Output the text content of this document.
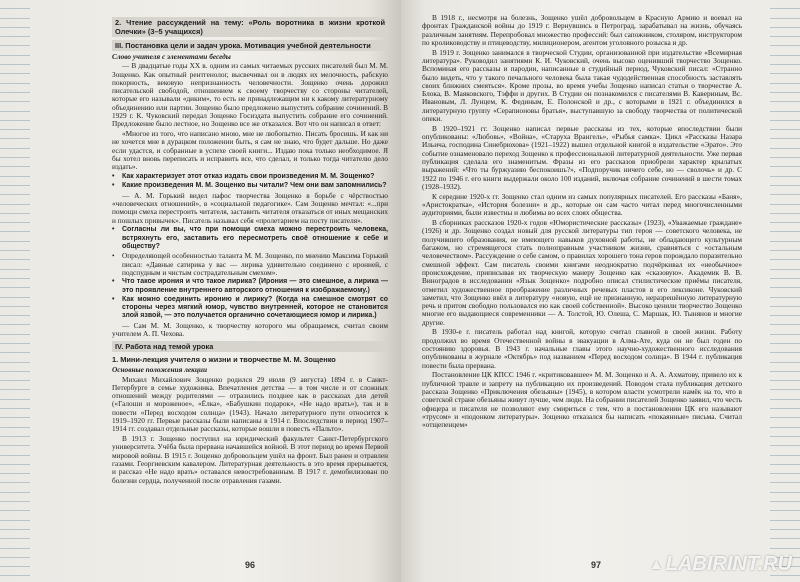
2. Чтение рассуждений на тему: «Роль воротника в жизни кроткой Олечки» (3–5 учащихся)
III. Постановка цели и задач урока. Мотивация учебной деятельности
Слово учителя с элементами беседы

— В двадцатые годы XX в. одним из самых читаемых русских писателей был М. М. Зощенко. Как опытный рентгенолог, высвечивал он в людях их мелочность, рабскую покорность, вековую непризнанность человечности. Зощенко очень дорожил писательской свободой, отношением к своему творчеству со стороны читателей, которые его называли «диким», то есть не принадлежащим ни к какому литературному объединению или партии. Зощенко было предложено выпустить собрание сочинений. В 1929 г. К. Чуковский передал Зощенко Госиздата выпустить собрание его сочинений. Предложение было лестное, но Зощенко все же отказался. Вот что он написал в ответ:

«Многое из того, что написано мною, мне не любопытно. Писать бросишь. И как ни не хочется мне в дурацком положении быть, я сам не знаю, что будет дальше. Но даже если удастся, и собранные в успехе своей книги... Издаю пока только необходимое. Я бы хотел вновь переписать и исправить все, что сделал, и только тогда читателю дело издать».

• Как характеризует этот отказ издать свои произведения М. М. Зощенко?
• Какие произведения М. М. Зощенко вы читали? Чем они вам запомнились?

— А. М. Горький видел пафос творчества Зощенко в борьбе с чёрствостью «человеческих отношений», в «социальной педагогике». Сам Зощенко мечтал: «...при помощи смеха перестроить читателя, заставить читателя отказаться от иных мещанских и пошлых привычек». Писатель называл себя «пролетарием на посту писателя».

• Согласны ли вы, что при помощи смеха можно перестроить человека, встряхнуть его, заставить его пересмотреть своё отношение к себе и обществу?
• Определяющей особенностью таланта М. М. Зощенко, по мнению Максима Горький писал: «Давные сатирика у вас — лирика удивительно соединено с иронией, с подспудным и чистым сострадательным смехом».
• Что такое ирония и что такое лирика? (Ирония — это смешное, а лирика — это проявление внутреннего авторского отношения к изображаемому.)
• Как можно соединить иронию и лирику? (Когда на смешное смотрят со стороны через мягкий юмор, чувство внутренней, которое не становится злой язвой, — это получается органично сочетающиеся юмор и лирика.)

— Сам М. М. Зощенко, к творчеству которого мы обращаемся, считал своим учителем А. П. Чехова.

IV. Работа над темой урока
1. Мини-лекция учителя о жизни и творчестве М. М. Зощенко
Основные положения лекции

Михаил Михайлович Зощенко родился 29 июля (9 августа) 1894 г. в Санкт-Петербурге в семье художника. Впечатления детства — в том числе и от сложных отношений между родителями — отразились позднее как в рассказах для детей («Галоши и мороженое», «Ёлка», «Бабушкин подарок», «Не надо врать»), так и в повести «Перед восходом солнца» (1943). Начало литературного пути относится к 1919–1920 гг. Первые рассказы были написаны в 1914 г. Впоследствии в период 1907–1914 гг. создавал отдельные рассказы, которые вошли в повесть «Пальто».

В 1913 г. Зощенко поступил на юридический факультет Санкт-Петербургского университета. Учёба была прервана начавшейся войной. В этот период во время Первой мировой войны. В 1915 г. Зощенко добровольцем ушёл на фронт. Был ранен и отравлен газами. Георгиевским кавалером. Литературная деятельность в это время прерывается, и рассказ «Не надо врать» оставался невостребованным. В 1917 г. демобилизован по болезни сердца, полученной после отравления газами.

96

В 1918 г., несмотря на болезнь, Зощенко ушёл добровольцем в Красную Армию и воевал на фронтах Гражданской войны до 1919 г. Вернувшись в Петроград, зарабатывал на жизнь, обучаясь различным занятиям. Перепробовал множество профессий: был сапожником, столяром, инструктором по кролиководству и птицеводству, милиционером, агентом уголовного розыска и др.

В 1919 г. Зощенко занимался в творческой Студии, организованной при издательстве «Всемирная литература». Руководил занятиями К. И. Чуковский, очень высоко оценивший творчество Зощенко. Вспоминая его рассказы и пародии, написанные в студийный период, Чуковский писал: «Странно было видеть, что у такого печального человека была такая чудодейственная способность заставлять своих ближних смеяться». Кроме прозы, во время учебы Зощенко написал статьи о творчестве А. Блока, В. Маяковского, Тэффи и других. В Студии он познакомился с писателями В. Кавериным, Вс. Ивановым, Л. Лунцем, К. Фединым, Е. Полонской и др., с которыми в 1921 г. объединился в литературную группу «Серапионовы братья», выступавшую за свободу творчества от политической опеки.

В 1920–1921 гг. Зощенко написал первые рассказы из тех, которые впоследствии были опубликованы: «Любовь», «Война», «Старуха Врангель», «Рыбья самка». Цикл «Рассказы Назара Ильича, господина Синебрюхова» (1921–1922) вышел отдельной книгой в издательстве «Эрато». Это событие ознаменовало переход Зощенко к профессиональной литературной деятельности. Уже первая публикация сделала его знаменитым. Фразы из его рассказов приобрели характер крылатых выражений: «Что ты буржуазию беспокоишь?», «Подпоручик ничего себе, но — сволочь» и др. С 1922 по 1946 г. его книги выдержали около 100 изданий, включая собрание сочинений в шести томах (1928–1932).

К середине 1920-х гг. Зощенко стал одним из самых популярных писателей. Его рассказы «Баня», «Аристократка», «История болезни» и др., которые он сам часто читал перед многочисленными аудиториями, были известны и любимы во всех слоях общества.

В сборниках рассказов 1920-х годов «Юмористические рассказы» (1923), «Уважаемые граждане» (1926) и др. Зощенко создал новый для русской литературы тип героя — советского человека, не получившего образования, не имеющего навыков духовной работы, не обладающего культурным багажом, но стремящегося стать полноправным участником жизни, сравняться с «остальным человечеством». Рассуждение о себе самом, о правилах хорошего тона геров порождало поразительно смешной эффект. Сам писатель своими книгами неоднократно подчёркивал их «необычное» происхождение, приписывая их творческую манеру Зощенко как «сказовую». Академик В. В. Виноградов в исследовании «Язык Зощенко» подробно описал стилистические приёмы писателя, отметил художественное преображение различных речевых пластов в его лексиконе. Чуковский заметил, что Зощенко ввёл в литературу «новую, ещё не признанную, неразрешённую литературную речь и притом свободно пользовался ею как своей собственной». Высоко ценили творчество Зощенко многие его выдающиеся современники — А. Толстой, Ю. Олеша, С. Маршак, Ю. Тынянов и многие другие.

В 1930-е г. писатель работал над книгой, которую считал главной в своей жизни. Работу продолжил во время Отечественной войны в эвакуации в Алма-Ате, куда он не был годен по состоянию здоровья. В 1943 г. начальные главы этого научно-художественного исследования опубликованы в журнале «Октябрь» под названием «Перед восходом солнца». В 1944 г. публикация повести была прервана.

Постановление ЦК КПСС 1946 г. «критиковавшее» М. М. Зощенко и А. А. Ахматову, привело их к публичной травле и запрету на публикацию их произведений. Поводом стала публикация детского рассказа Зощенко «Приключения обезьяны» (1945), в котором власти усмотрели намёк на то, что в советской стране обезьяны живут лучше, чем люди. На собрании писателей Зощенко заявил, что честь офицера и писателя не позволяют ему смириться с тем, что в постановлении ЦК его называют «трусом» и «подонком литературы». Зощенко отказался бы написать «покаянные» письма. Считал «отщепенцем»

97	▲ LABIRINT.RU
